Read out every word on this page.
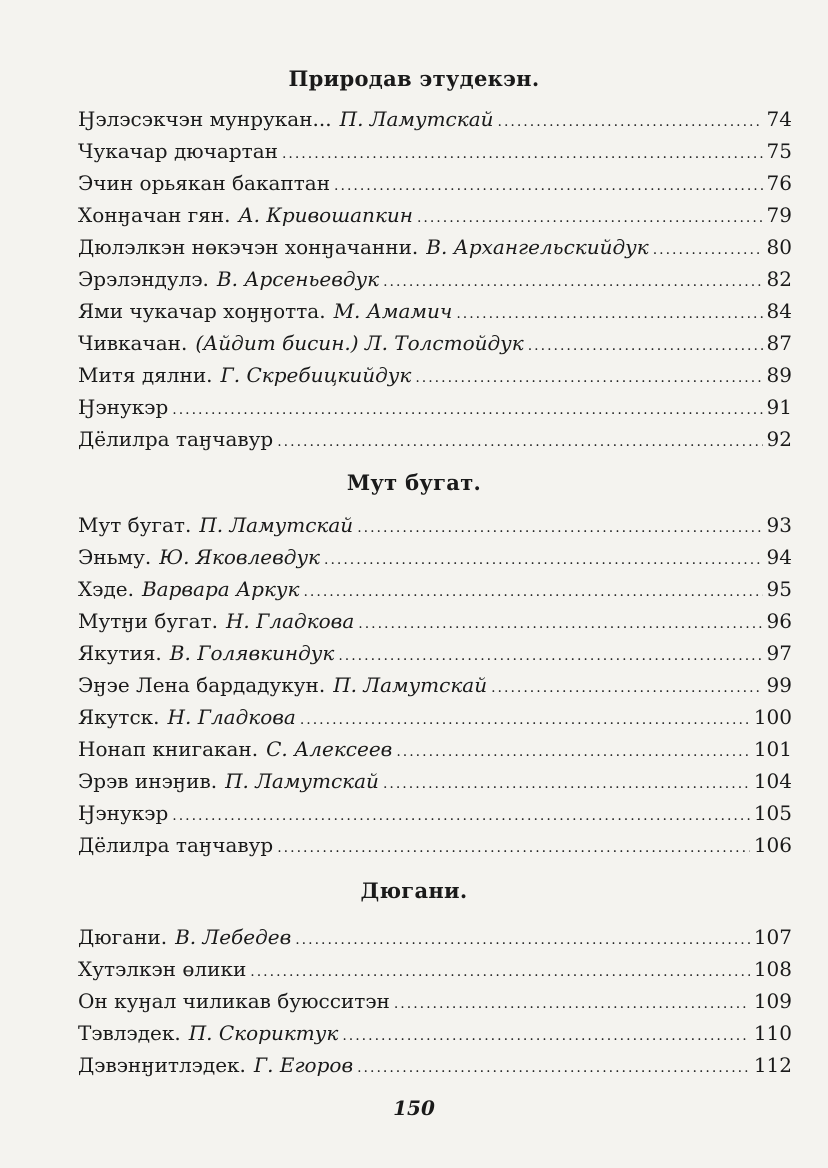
Природав этудекэн.
Ӈэлэсэкчэн мунрукан... П. Ламутскай .....	74
Чукачар дючартан .....	75
Эчин орьякан бакаптан .....	76
Хонӈачан гян. А. Кривошапкин .....	79
Дюлэлкэн нөкэчэн хонӈачанни. В. Архангельскийдук .....	80
Эрэлэндулэ. В. Арсеньевдук .....	82
Ями чукачар хоӈӈотта. М. Амамич .....	84
Чивкачан. (Айдит бисин.) Л. Толстойдук .....	87
Митя дялни. Г. Скребицкийдук .....	89
Ӈэнукэр .....	91
Дёлилра таӈчавур .....	92
Мут бугат.
Мут бугат. П. Ламутскай .....	93
Эньму. Ю. Яковлевдук .....	94
Хэде. Варвара Аркук .....	95
Мутӈи бугат. Н. Гладкова .....	96
Якутия. В. Голявкиндук .....	97
Эӈэе Лена бардадукун. П. Ламутскай .....	99
Якутск. Н. Гладкова .....	100
Нонап книгакан. С. Алексеев .....	101
Эрэв инэӈив. П. Ламутскай .....	104
Ӈэнукэр .....	105
Дёлилра таӈчавур .....	106
Дюгани.
Дюгани. В. Лебедев .....	107
Хутэлкэн өлики .....	108
Он куӈал чиликав буюсситэн .....	109
Тэвлэдек. П. Скориктук .....	110
Дэвэнӈитлэдек. Г. Егоров .....	112
150
